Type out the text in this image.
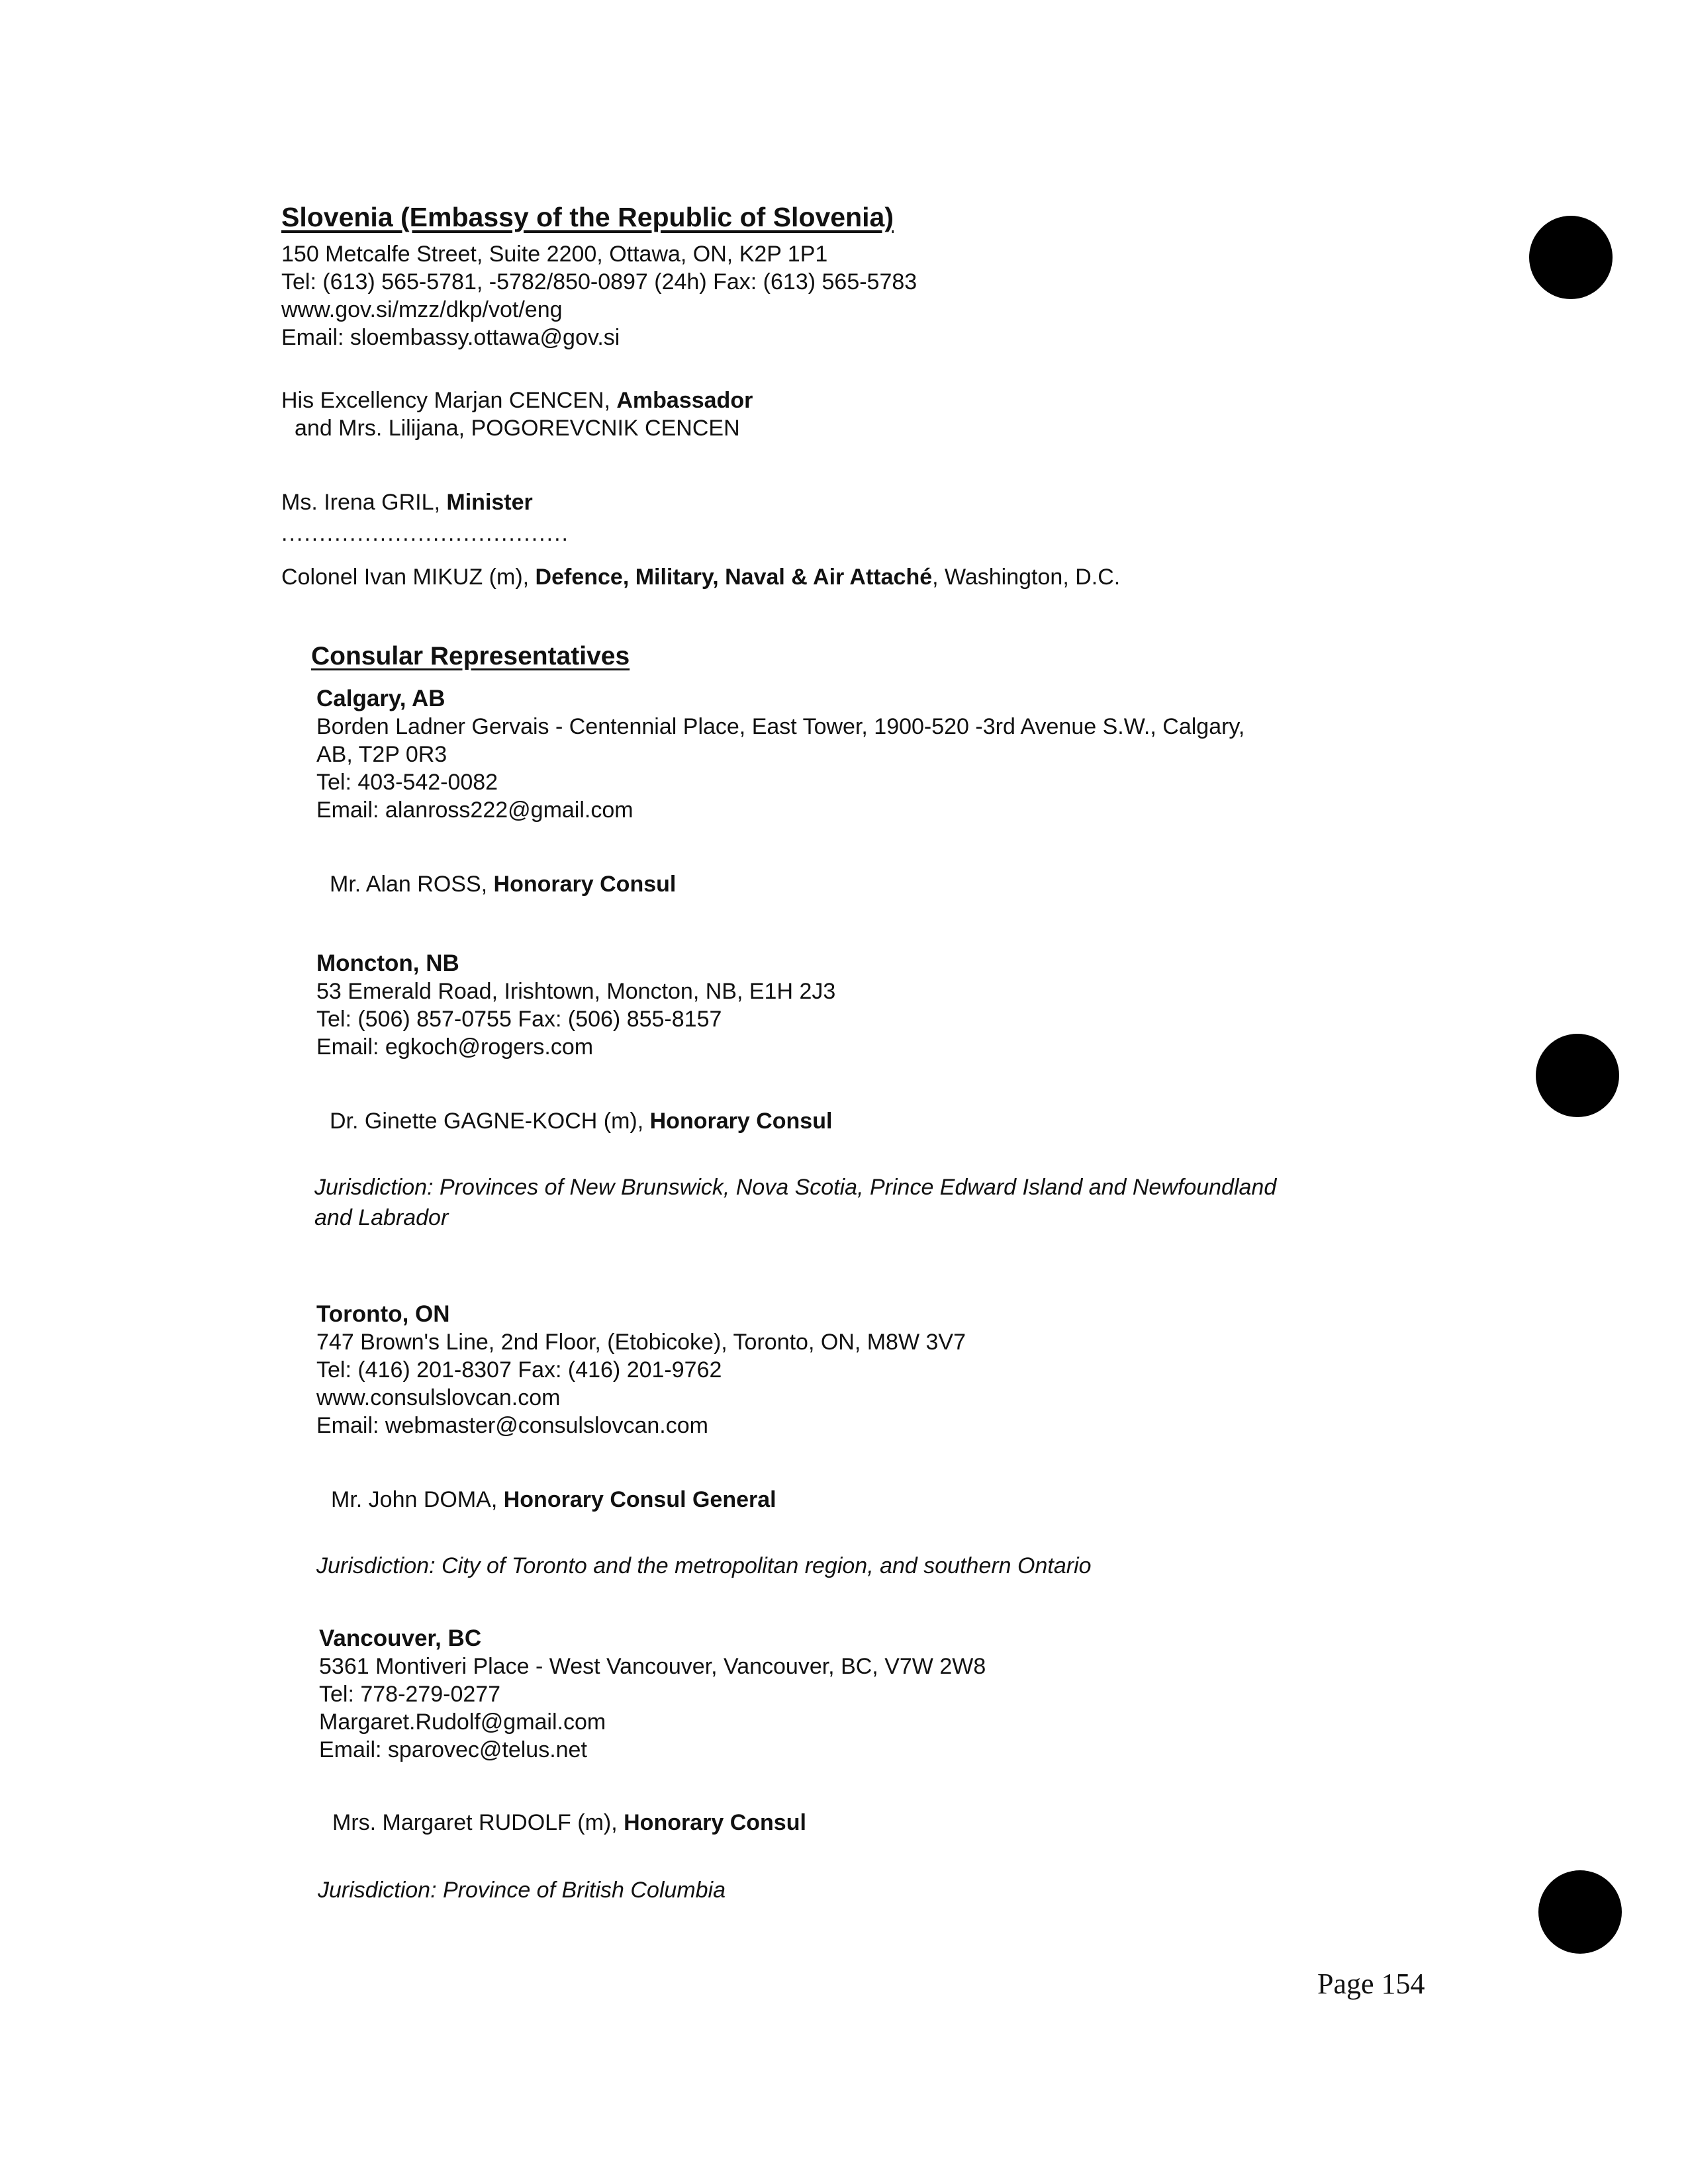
Slovenia (Embassy of the Republic of Slovenia)
150 Metcalfe Street, Suite 2200, Ottawa, ON, K2P 1P1
Tel: (613) 565-5781, -5782/850-0897 (24h) Fax: (613) 565-5783
www.gov.si/mzz/dkp/vot/eng
Email: sloembassy.ottawa@gov.si
His Excellency Marjan CENCEN, Ambassador
and Mrs. Lilijana, POGOREVCNIK CENCEN
Ms. Irena GRIL, Minister
......................................
Colonel Ivan MIKUZ (m), Defence, Military, Naval & Air Attaché, Washington, D.C.
Consular Representatives
Calgary, AB
Borden Ladner Gervais - Centennial Place, East Tower, 1900-520 -3rd Avenue S.W., Calgary,
AB, T2P 0R3
Tel: 403-542-0082
Email: alanross222@gmail.com
Mr. Alan ROSS, Honorary Consul
Moncton, NB
53 Emerald Road, Irishtown, Moncton, NB, E1H 2J3
Tel: (506) 857-0755 Fax: (506) 855-8157
Email: egkoch@rogers.com
Dr. Ginette GAGNE-KOCH (m), Honorary Consul
Jurisdiction: Provinces of New Brunswick, Nova Scotia, Prince Edward Island and Newfoundland
and Labrador
Toronto, ON
747 Brown's Line, 2nd Floor, (Etobicoke), Toronto, ON, M8W 3V7
Tel: (416) 201-8307 Fax: (416) 201-9762
www.consulslovcan.com
Email: webmaster@consulslovcan.com
Mr. John DOMA, Honorary Consul General
Jurisdiction: City of Toronto and the metropolitan region, and southern Ontario
Vancouver, BC
5361 Montiveri Place - West Vancouver, Vancouver, BC, V7W 2W8
Tel: 778-279-0277
Margaret.Rudolf@gmail.com
Email: sparovec@telus.net
Mrs. Margaret RUDOLF (m), Honorary Consul
Jurisdiction: Province of British Columbia
Page 154
